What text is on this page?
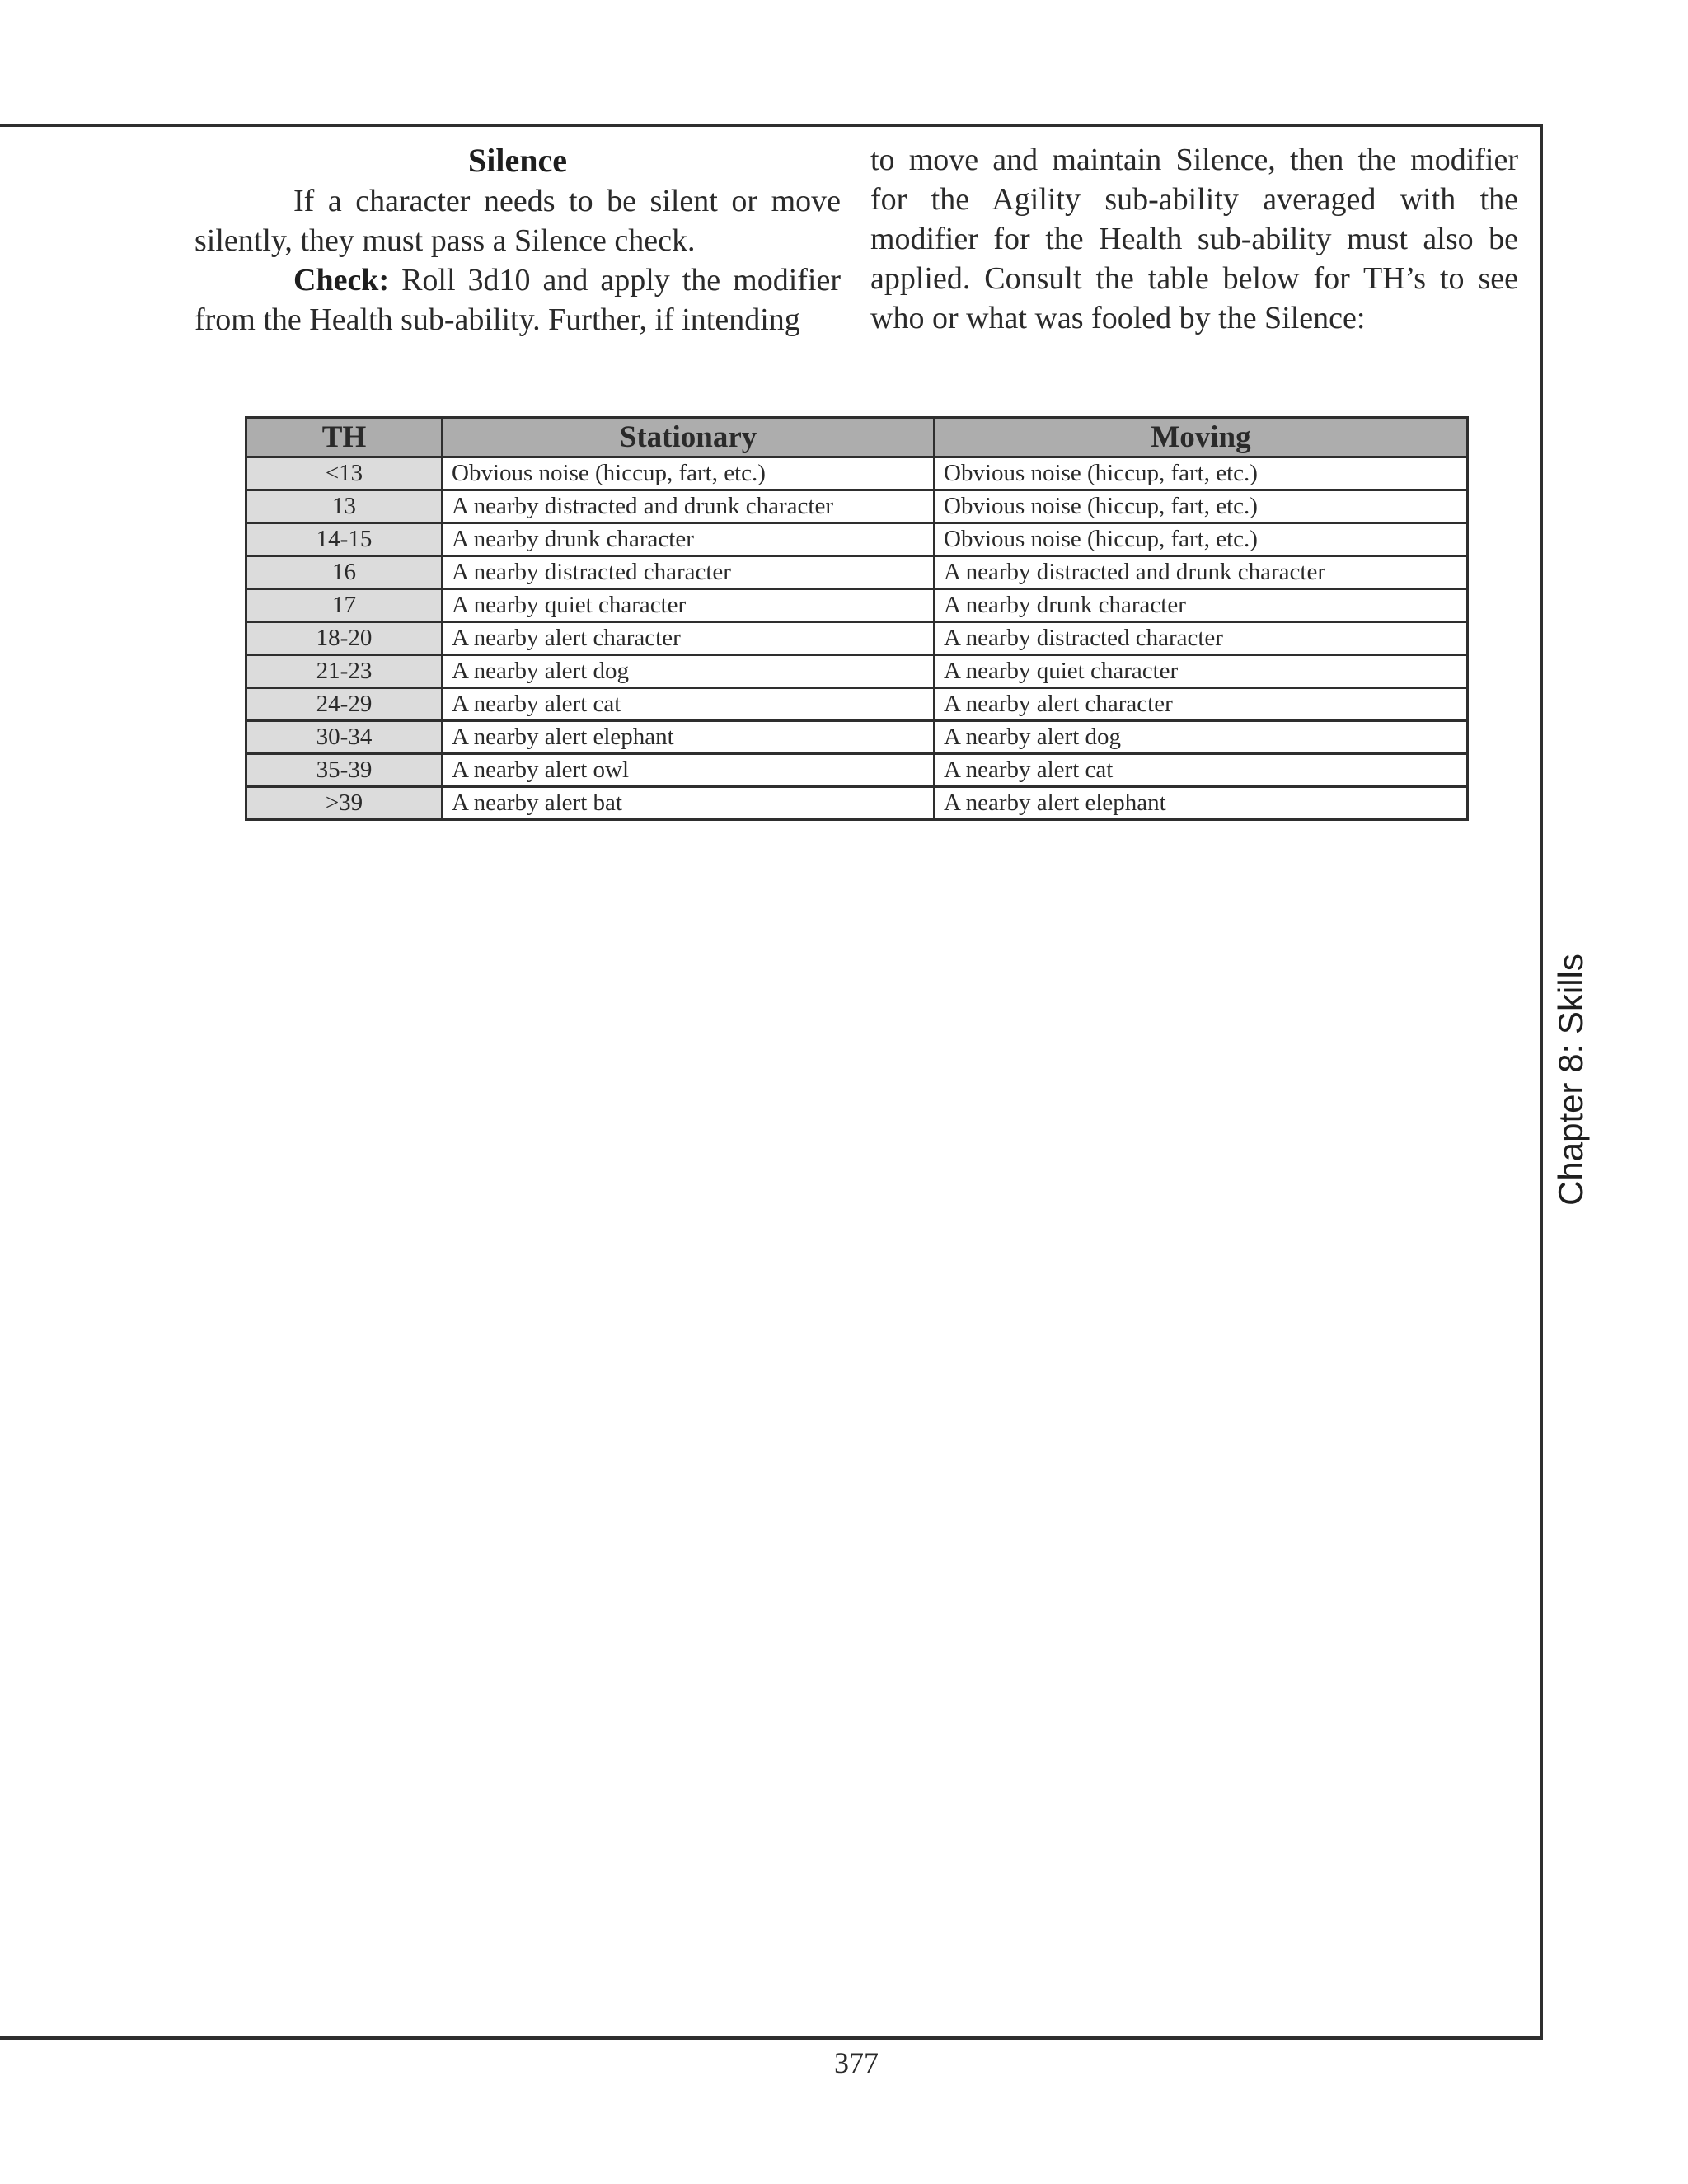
Silence

If a character needs to be silent or move silently, they must pass a Silence check.

Check: Roll 3d10 and apply the modifier from the Health sub-ability. Further, if intending

to move and maintain Silence, then the modifier for the Agility sub-ability averaged with the modifier for the Health sub-ability must also be applied. Consult the table below for TH’s to see who or what was fooled by the Silence:

TH	Stationary	Moving
<13	Obvious noise (hiccup, fart, etc.)	Obvious noise (hiccup, fart, etc.)
13	A nearby distracted and drunk character	Obvious noise (hiccup, fart, etc.)
14-15	A nearby drunk character	Obvious noise (hiccup, fart, etc.)
16	A nearby distracted character	A nearby distracted and drunk character
17	A nearby quiet character	A nearby drunk character
18-20	A nearby alert character	A nearby distracted character
21-23	A nearby alert dog	A nearby quiet character
24-29	A nearby alert cat	A nearby alert character
30-34	A nearby alert elephant	A nearby alert dog
35-39	A nearby alert owl	A nearby alert cat
>39	A nearby alert bat	A nearby alert elephant
Chapter 8: Skills
377
